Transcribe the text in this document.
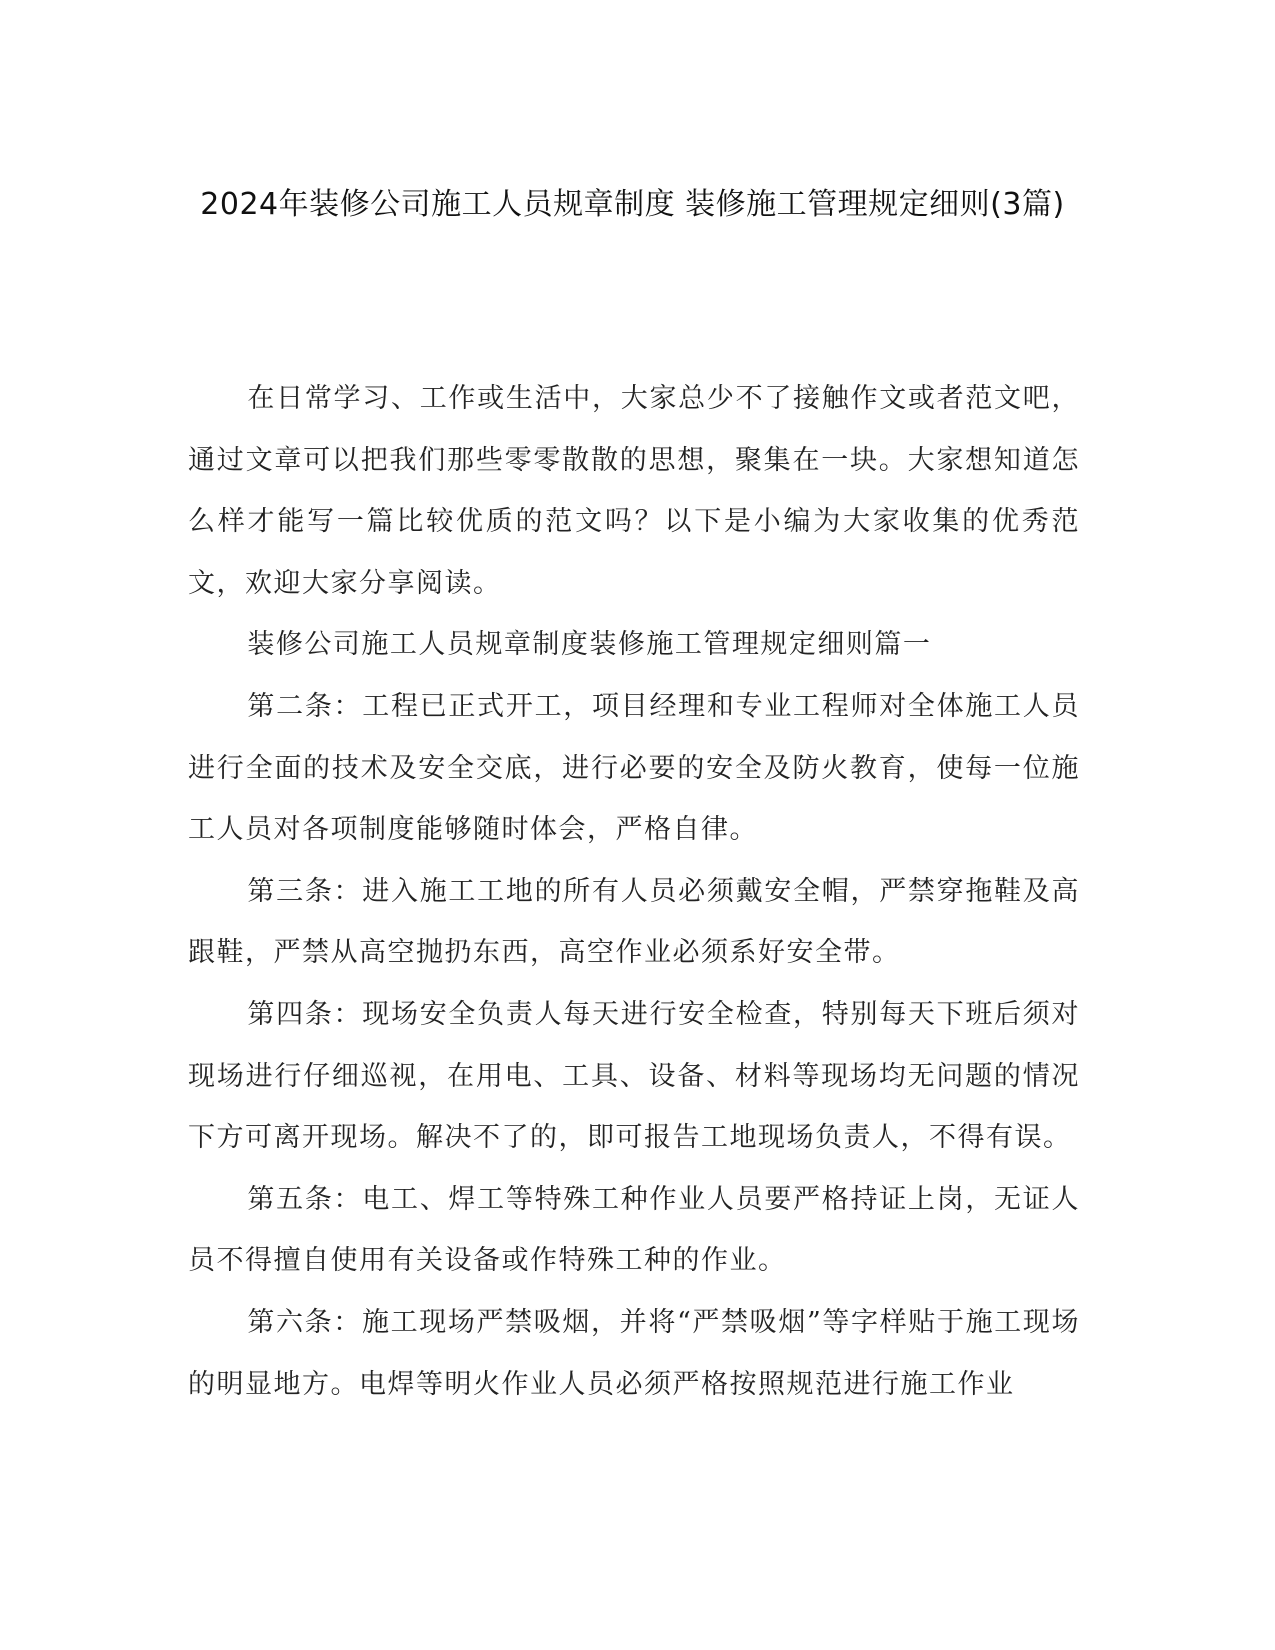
2024年装修公司施工人员规章制度 装修施工管理规定细则(3篇)

在日常学习、工作或生活中，大家总少不了接触作文或者范文吧，通过文章可以把我们那些零零散散的思想，聚集在一块。大家想知道怎么样才能写一篇比较优质的范文吗？以下是小编为大家收集的优秀范文，欢迎大家分享阅读。

装修公司施工人员规章制度装修施工管理规定细则篇一

第二条：工程已正式开工，项目经理和专业工程师对全体施工人员进行全面的技术及安全交底，进行必要的安全及防火教育，使每一位施工人员对各项制度能够随时体会，严格自律。

第三条：进入施工工地的所有人员必须戴安全帽，严禁穿拖鞋及高跟鞋，严禁从高空抛扔东西，高空作业必须系好安全带。

第四条：现场安全负责人每天进行安全检查，特别每天下班后须对现场进行仔细巡视，在用电、工具、设备、材料等现场均无问题的情况下方可离开现场。解决不了的，即可报告工地现场负责人，不得有误。

第五条：电工、焊工等特殊工种作业人员要严格持证上岗，无证人员不得擅自使用有关设备或作特殊工种的作业。

第六条：施工现场严禁吸烟，并将“严禁吸烟”等字样贴于施工现场的明显地方。电焊等明火作业人员必须严格按照规范进行施工作业
